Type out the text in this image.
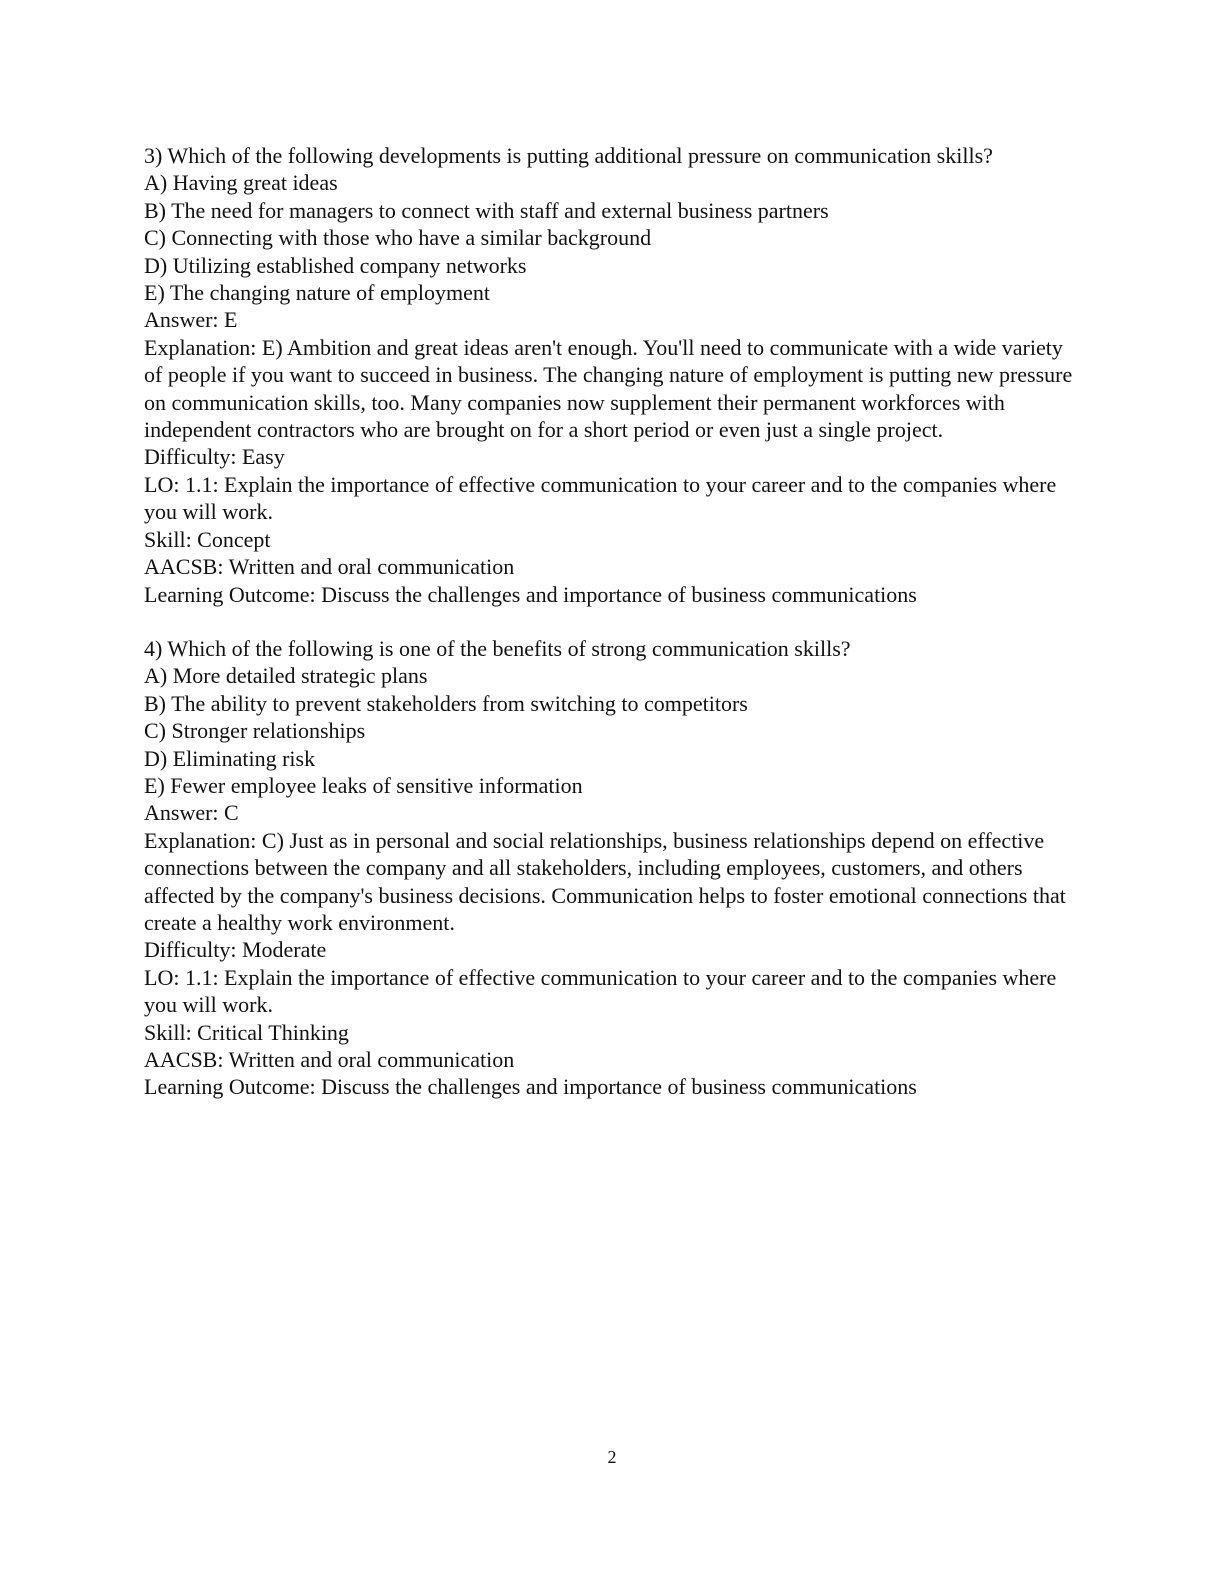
3) Which of the following developments is putting additional pressure on communication skills?

A) Having great ideas

B) The need for managers to connect with staff and external business partners

C) Connecting with those who have a similar background

D) Utilizing established company networks

E) The changing nature of employment

Answer: E

Explanation: E) Ambition and great ideas aren't enough. You'll need to communicate with a wide variety of people if you want to succeed in business. The changing nature of employment is putting new pressure on communication skills, too. Many companies now supplement their permanent workforces with independent contractors who are brought on for a short period or even just a single project.

Difficulty: Easy

LO: 1.1: Explain the importance of effective communication to your career and to the companies where you will work.

Skill: Concept

AACSB: Written and oral communication

Learning Outcome: Discuss the challenges and importance of business communications

4) Which of the following is one of the benefits of strong communication skills?

A) More detailed strategic plans

B) The ability to prevent stakeholders from switching to competitors

C) Stronger relationships

D) Eliminating risk

E) Fewer employee leaks of sensitive information

Answer: C

Explanation: C) Just as in personal and social relationships, business relationships depend on effective connections between the company and all stakeholders, including employees, customers, and others affected by the company's business decisions. Communication helps to foster emotional connections that create a healthy work environment.

Difficulty: Moderate

LO: 1.1: Explain the importance of effective communication to your career and to the companies where you will work.

Skill: Critical Thinking

AACSB: Written and oral communication

Learning Outcome: Discuss the challenges and importance of business communications

2
